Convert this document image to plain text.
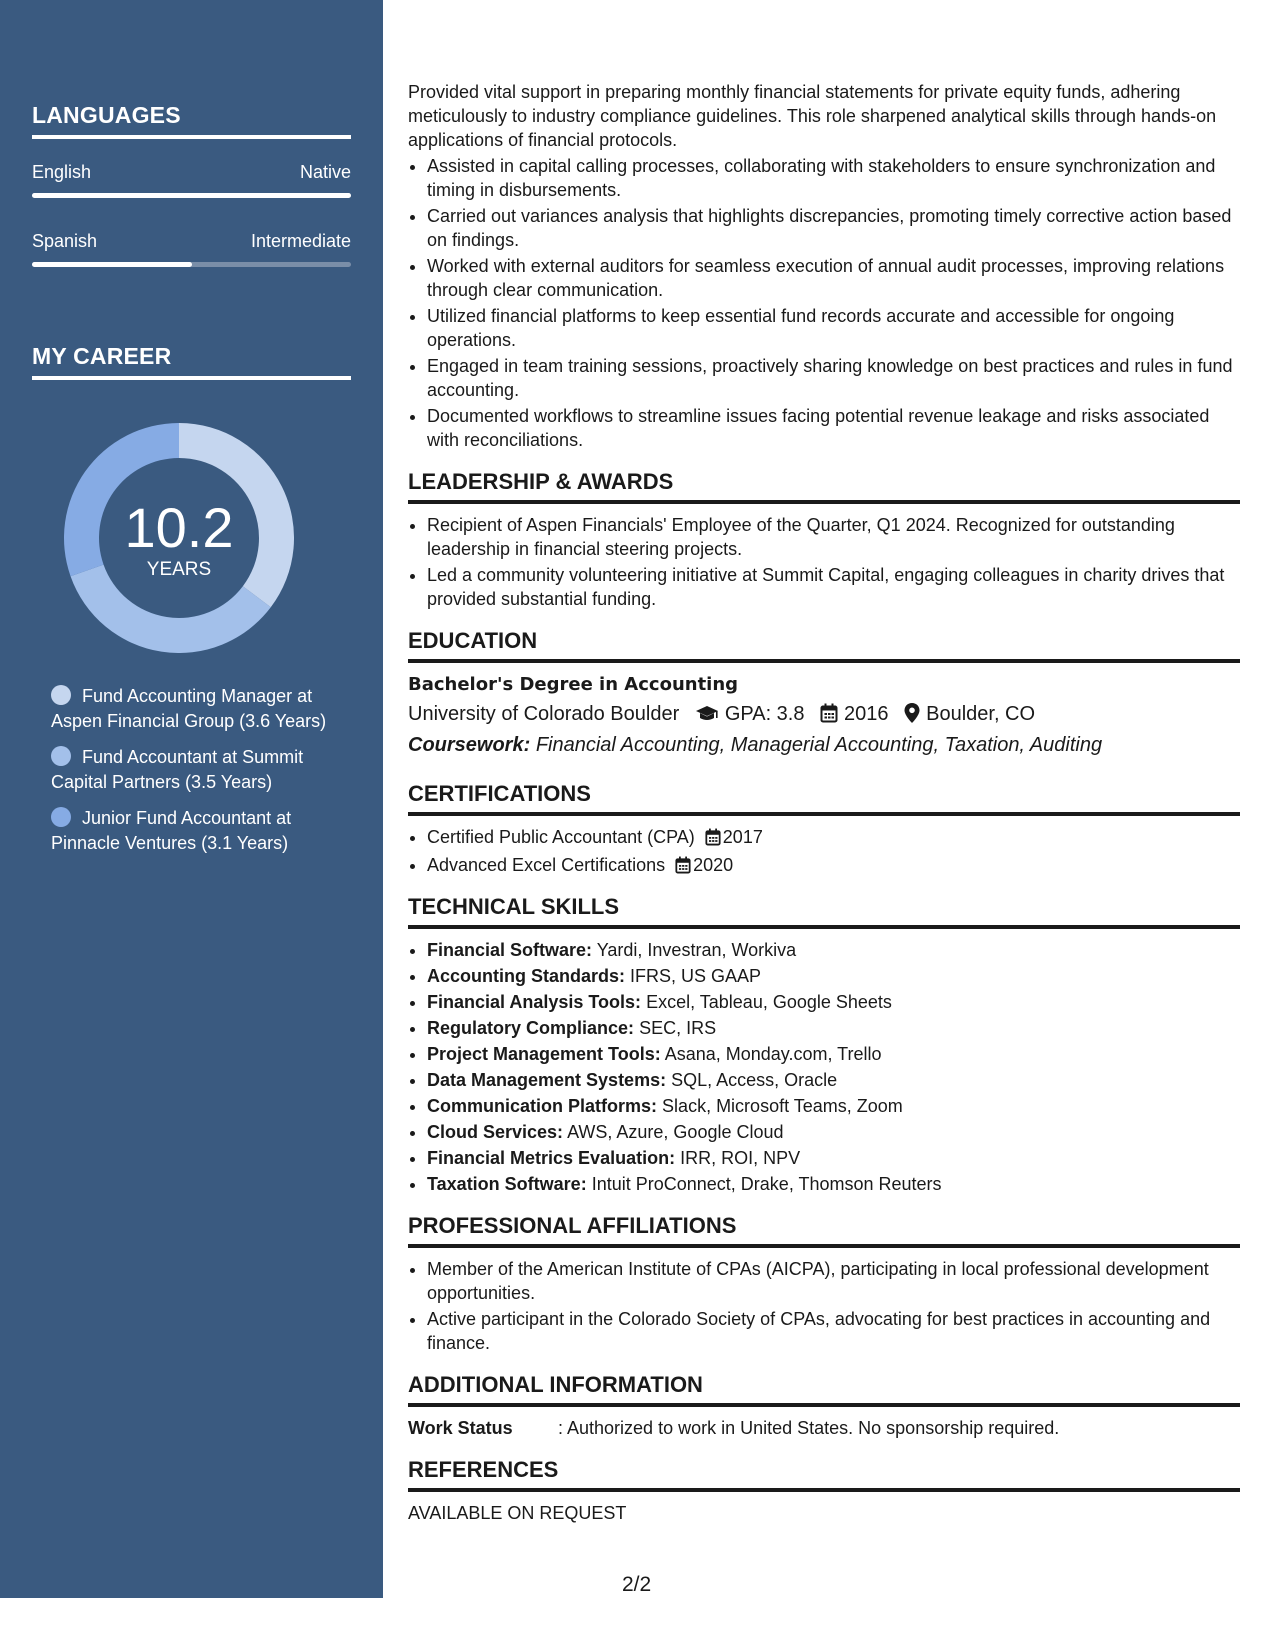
LANGUAGES
English	Native
Spanish	Intermediate
MY CAREER
10.2
YEARS
Fund Accounting Manager at Aspen Financial Group (3.6 Years)
Fund Accountant at Summit Capital Partners (3.5 Years)
Junior Fund Accountant at Pinnacle Ventures (3.1 Years)

Provided vital support in preparing monthly financial statements for private equity funds, adhering meticulously to industry compliance guidelines. This role sharpened analytical skills through hands-on applications of financial protocols.

• Assisted in capital calling processes, collaborating with stakeholders to ensure synchronization and timing in disbursements.
• Carried out variances analysis that highlights discrepancies, promoting timely corrective action based on findings.
• Worked with external auditors for seamless execution of annual audit processes, improving relations through clear communication.
• Utilized financial platforms to keep essential fund records accurate and accessible for ongoing operations.
• Engaged in team training sessions, proactively sharing knowledge on best practices and rules in fund accounting.
• Documented workflows to streamline issues facing potential revenue leakage and risks associated with reconciliations.
LEADERSHIP & AWARDS
• Recipient of Aspen Financials' Employee of the Quarter, Q1 2024. Recognized for outstanding leadership in financial steering projects.
• Led a community volunteering initiative at Summit Capital, engaging colleagues in charity drives that provided substantial funding.
EDUCATION
Bachelor's Degree in Accounting
University of Colorado Boulder GPA: 3.8 2016 Boulder, CO
Coursework: Financial Accounting, Managerial Accounting, Taxation, Auditing
CERTIFICATIONS
• Certified Public Accountant (CPA) 2017
• Advanced Excel Certifications 2020
TECHNICAL SKILLS
• Financial Software: Yardi, Investran, Workiva
• Accounting Standards: IFRS, US GAAP
• Financial Analysis Tools: Excel, Tableau, Google Sheets
• Regulatory Compliance: SEC, IRS
• Project Management Tools: Asana, Monday.com, Trello
• Data Management Systems: SQL, Access, Oracle
• Communication Platforms: Slack, Microsoft Teams, Zoom
• Cloud Services: AWS, Azure, Google Cloud
• Financial Metrics Evaluation: IRR, ROI, NPV
• Taxation Software: Intuit ProConnect, Drake, Thomson Reuters
PROFESSIONAL AFFILIATIONS
• Member of the American Institute of CPAs (AICPA), participating in local professional development opportunities.
• Active participant in the Colorado Society of CPAs, advocating for best practices in accounting and finance.
ADDITIONAL INFORMATION
Work Status	: Authorized to work in United States. No sponsorship required.
REFERENCES
AVAILABLE ON REQUEST
2/2
